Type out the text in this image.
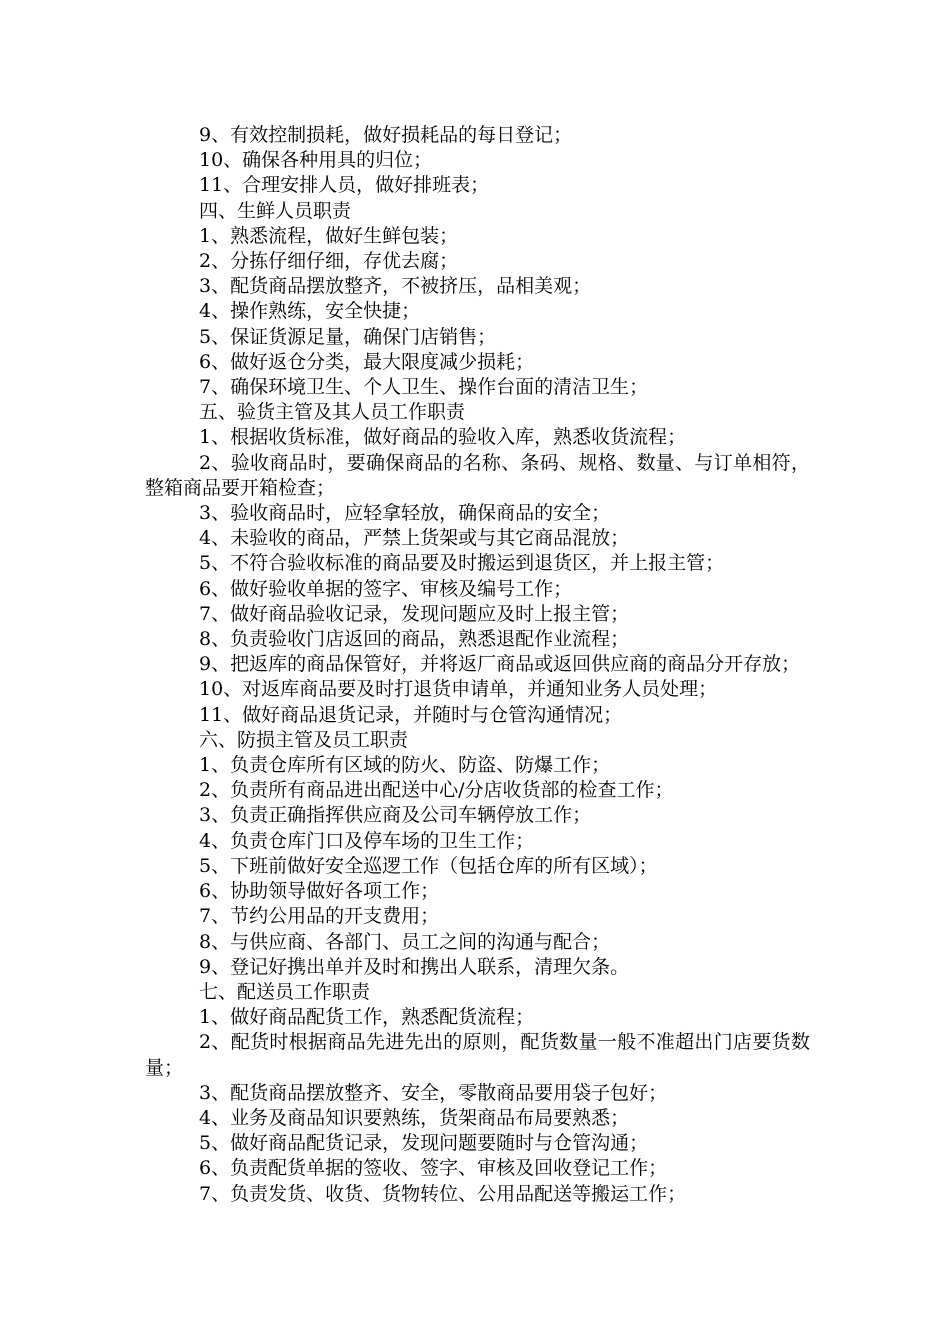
9、有效控制损耗，做好损耗品的每日登记；

10、确保各种用具的归位；

11、合理安排人员，做好排班表；

四、生鲜人员职责

1、熟悉流程，做好生鲜包装；

2、分拣仔细仔细，存优去腐；

3、配货商品摆放整齐，不被挤压，品相美观；

4、操作熟练，安全快捷；

5、保证货源足量，确保门店销售；

6、做好返仓分类，最大限度减少损耗；

7、确保环境卫生、个人卫生、操作台面的清洁卫生；

五、验货主管及其人员工作职责

1、根据收货标准，做好商品的验收入库，熟悉收货流程；

2、验收商品时，要确保商品的名称、条码、规格、数量、与订单相符，整箱商品要开箱检查；

3、验收商品时，应轻拿轻放，确保商品的安全；

4、未验收的商品，严禁上货架或与其它商品混放；

5、不符合验收标准的商品要及时搬运到退货区，并上报主管；

6、做好验收单据的签字、审核及编号工作；

7、做好商品验收记录，发现问题应及时上报主管；

8、负责验收门店返回的商品，熟悉退配作业流程；

9、把返库的商品保管好，并将返厂商品或返回供应商的商品分开存放；

10、对返库商品要及时打退货申请单，并通知业务人员处理；

11、做好商品退货记录，并随时与仓管沟通情况；

六、防损主管及员工职责

1、负责仓库所有区域的防火、防盗、防爆工作；

2、负责所有商品进出配送中心/分店收货部的检查工作；

3、负责正确指挥供应商及公司车辆停放工作；

4、负责仓库门口及停车场的卫生工作；

5、下班前做好安全巡逻工作（包括仓库的所有区域）；

6、协助领导做好各项工作；

7、节约公用品的开支费用；

8、与供应商、各部门、员工之间的沟通与配合；

9、登记好携出单并及时和携出人联系，清理欠条。

七、配送员工作职责

1、做好商品配货工作，熟悉配货流程；

2、配货时根据商品先进先出的原则，配货数量一般不准超出门店要货数量；

3、配货商品摆放整齐、安全，零散商品要用袋子包好；

4、业务及商品知识要熟练，货架商品布局要熟悉；

5、做好商品配货记录，发现问题要随时与仓管沟通；

6、负责配货单据的签收、签字、审核及回收登记工作；

7、负责发货、收货、货物转位、公用品配送等搬运工作；
